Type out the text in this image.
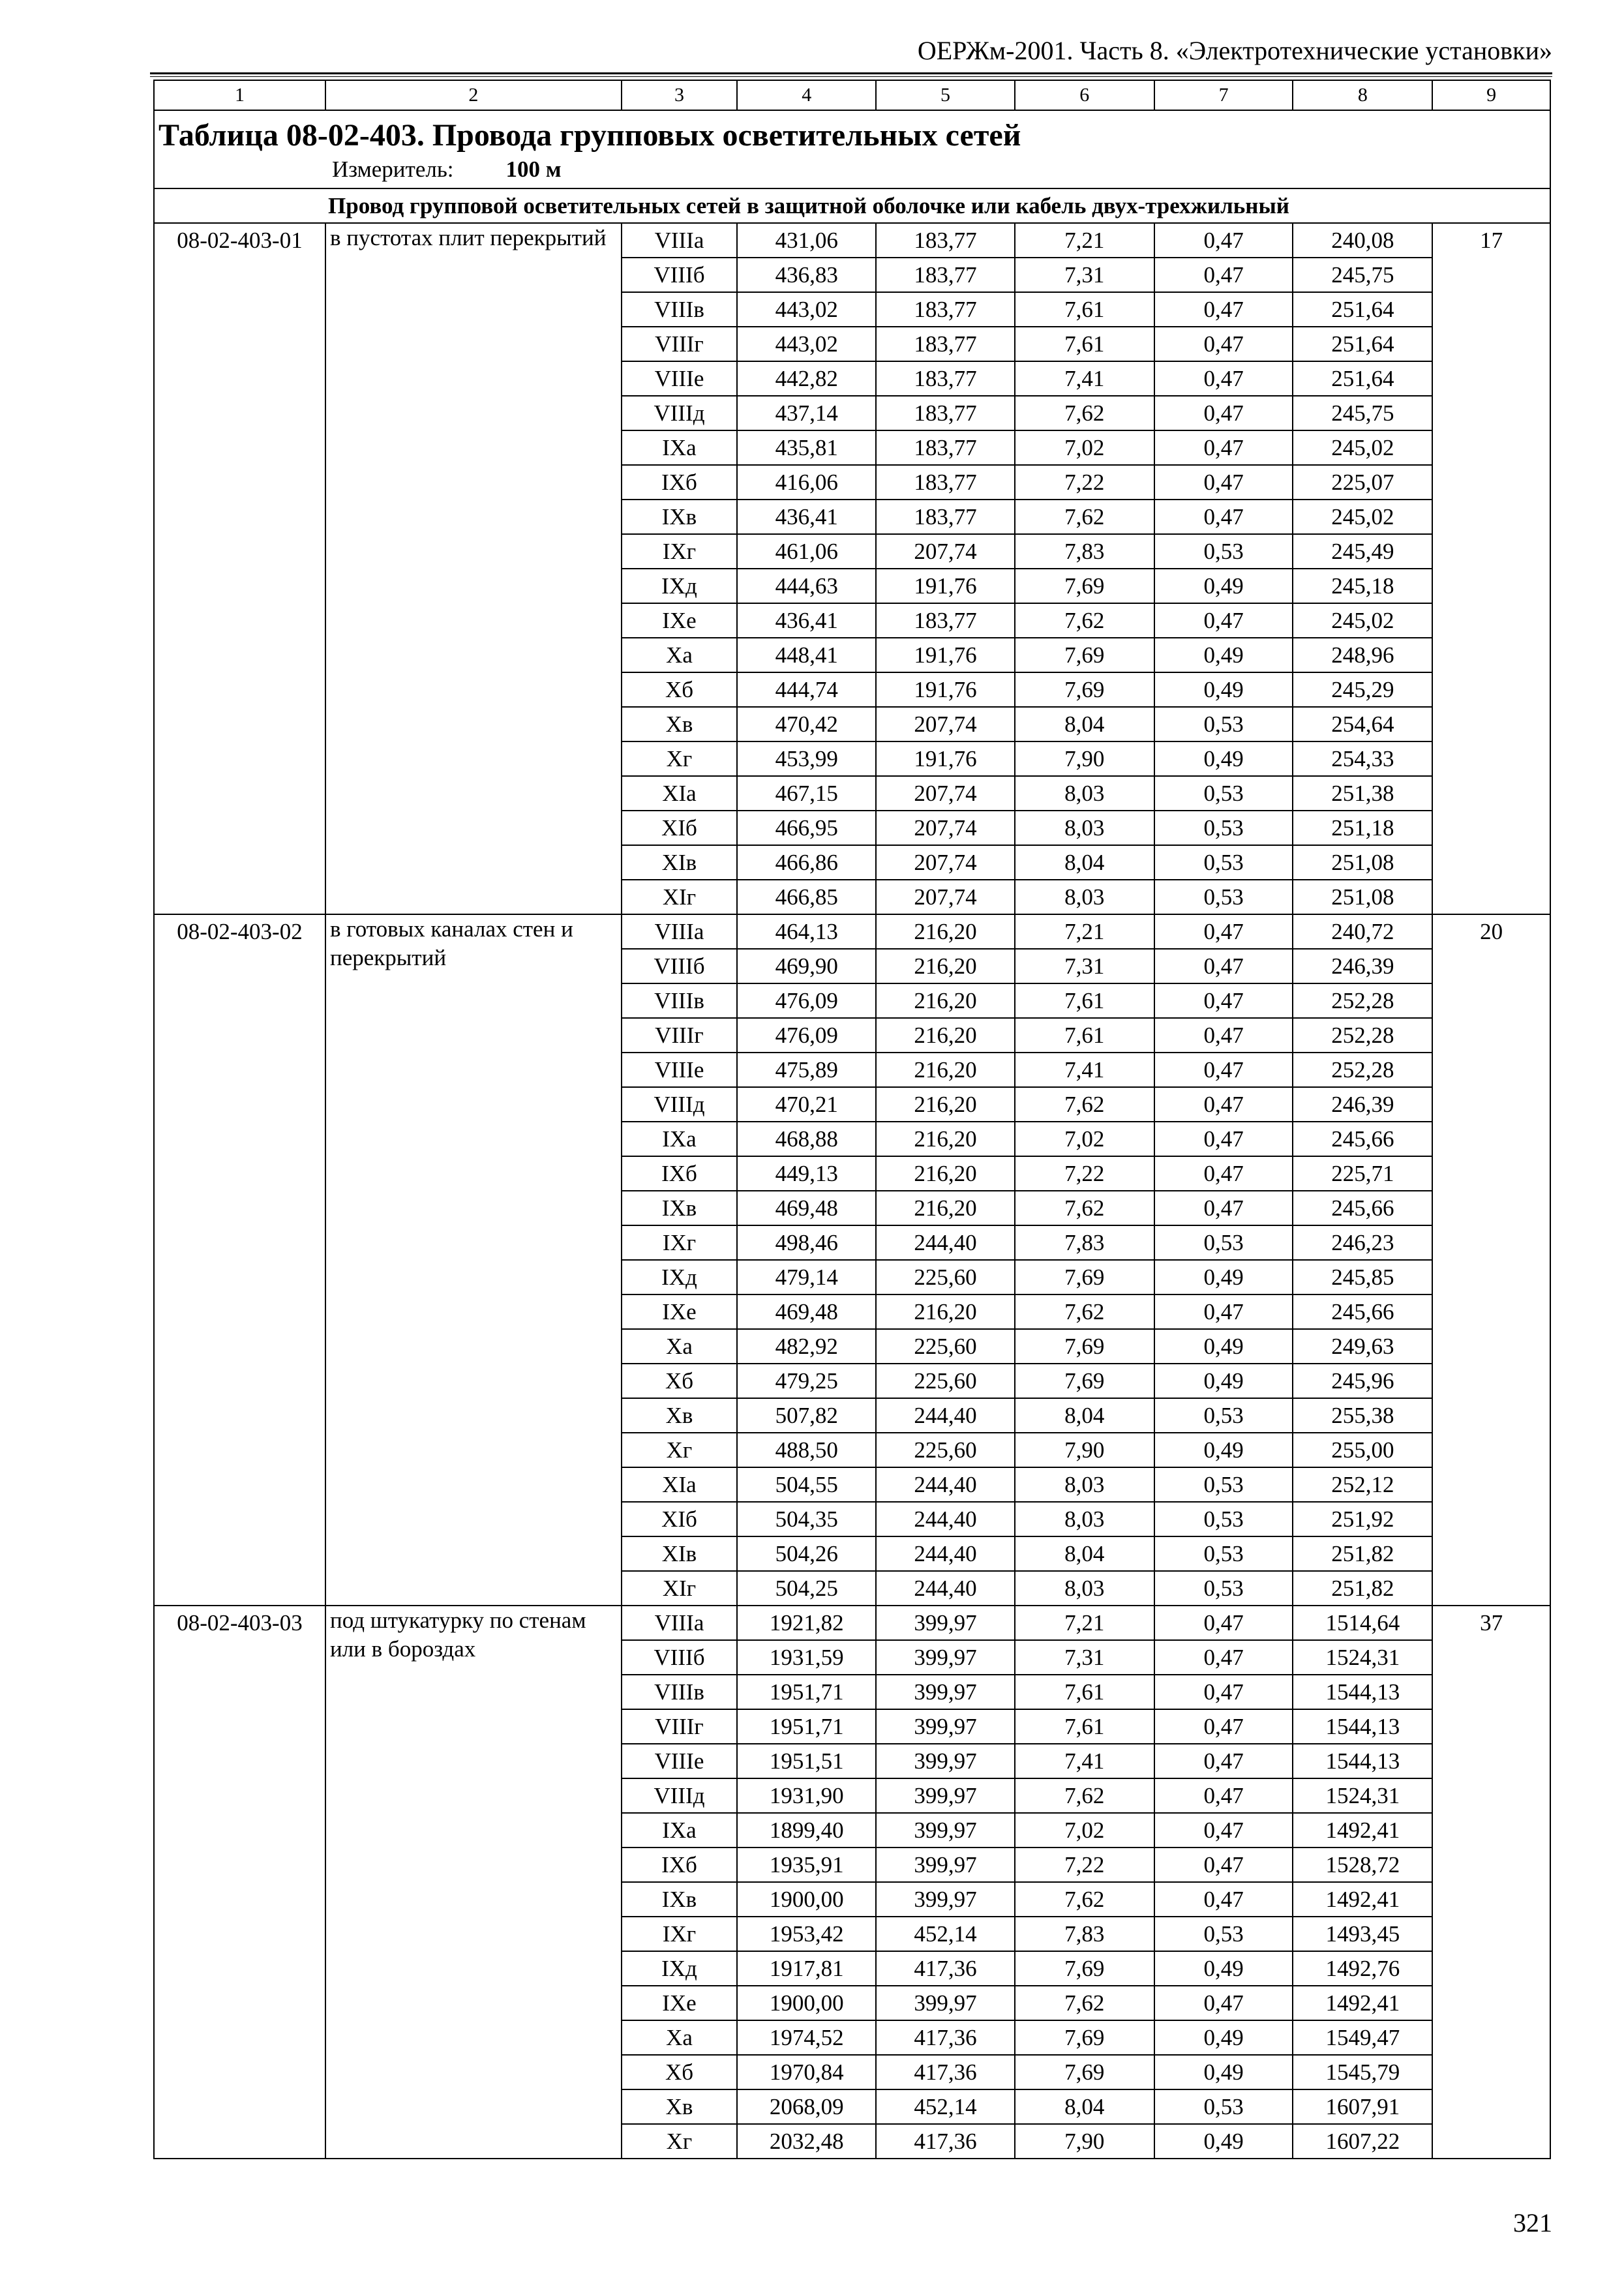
ОЕРЖм-2001. Часть 8. «Электротехнические установки»
1	2	3	4	5	6	7	8	9

Таблица 08-02-403. Провода групповых осветительных сетей
Измеритель: 100 м								

Провод групповой осветительных сетей в защитной оболочке или кабель двух-трехжильный								
08-02-403-01	в пустотах плит перекрытий	VIIIа	431,06	183,77	7,21	0,47	240,08	17
		VIIIб	436,83	183,77	7,31	0,47	245,75	
		VIIIв	443,02	183,77	7,61	0,47	251,64	
		VIIIг	443,02	183,77	7,61	0,47	251,64	
		VIIIе	442,82	183,77	7,41	0,47	251,64	
		VIIIд	437,14	183,77	7,62	0,47	245,75	
		IXа	435,81	183,77	7,02	0,47	245,02	
		IXб	416,06	183,77	7,22	0,47	225,07	
		IXв	436,41	183,77	7,62	0,47	245,02	
		IXг	461,06	207,74	7,83	0,53	245,49	
		IXд	444,63	191,76	7,69	0,49	245,18	
		IXе	436,41	183,77	7,62	0,47	245,02	
		Xа	448,41	191,76	7,69	0,49	248,96	
		Xб	444,74	191,76	7,69	0,49	245,29	
		Xв	470,42	207,74	8,04	0,53	254,64	
		Xг	453,99	191,76	7,90	0,49	254,33	
		XIа	467,15	207,74	8,03	0,53	251,38	
		XIб	466,95	207,74	8,03	0,53	251,18	
		XIв	466,86	207,74	8,04	0,53	251,08	
		XIг	466,85	207,74	8,03	0,53	251,08	
08-02-403-02	в готовых каналах стен и перекрытий	VIIIа	464,13	216,20	7,21	0,47	240,72	20
		VIIIб	469,90	216,20	7,31	0,47	246,39	
		VIIIв	476,09	216,20	7,61	0,47	252,28	
		VIIIг	476,09	216,20	7,61	0,47	252,28	
		VIIIе	475,89	216,20	7,41	0,47	252,28	
		VIIIд	470,21	216,20	7,62	0,47	246,39	
		IXа	468,88	216,20	7,02	0,47	245,66	
		IXб	449,13	216,20	7,22	0,47	225,71	
		IXв	469,48	216,20	7,62	0,47	245,66	
		IXг	498,46	244,40	7,83	0,53	246,23	
		IXд	479,14	225,60	7,69	0,49	245,85	
		IXе	469,48	216,20	7,62	0,47	245,66	
		Xа	482,92	225,60	7,69	0,49	249,63	
		Xб	479,25	225,60	7,69	0,49	245,96	
		Xв	507,82	244,40	8,04	0,53	255,38	
		Xг	488,50	225,60	7,90	0,49	255,00	
		XIа	504,55	244,40	8,03	0,53	252,12	
		XIб	504,35	244,40	8,03	0,53	251,92	
		XIв	504,26	244,40	8,04	0,53	251,82	
		XIг	504,25	244,40	8,03	0,53	251,82	
08-02-403-03	под штукатурку по стенам или в бороздах	VIIIа	1921,82	399,97	7,21	0,47	1514,64	37
		VIIIб	1931,59	399,97	7,31	0,47	1524,31	
		VIIIв	1951,71	399,97	7,61	0,47	1544,13	
		VIIIг	1951,71	399,97	7,61	0,47	1544,13	
		VIIIе	1951,51	399,97	7,41	0,47	1544,13	
		VIIIд	1931,90	399,97	7,62	0,47	1524,31	
		IXа	1899,40	399,97	7,02	0,47	1492,41	
		IXб	1935,91	399,97	7,22	0,47	1528,72	
		IXв	1900,00	399,97	7,62	0,47	1492,41	
		IXг	1953,42	452,14	7,83	0,53	1493,45	
		IXд	1917,81	417,36	7,69	0,49	1492,76	
		IXе	1900,00	399,97	7,62	0,47	1492,41	
		Xа	1974,52	417,36	7,69	0,49	1549,47	
		Xб	1970,84	417,36	7,69	0,49	1545,79	
		Xв	2068,09	452,14	8,04	0,53	1607,91	
		Xг	2032,48	417,36	7,90	0,49	1607,22	
321
